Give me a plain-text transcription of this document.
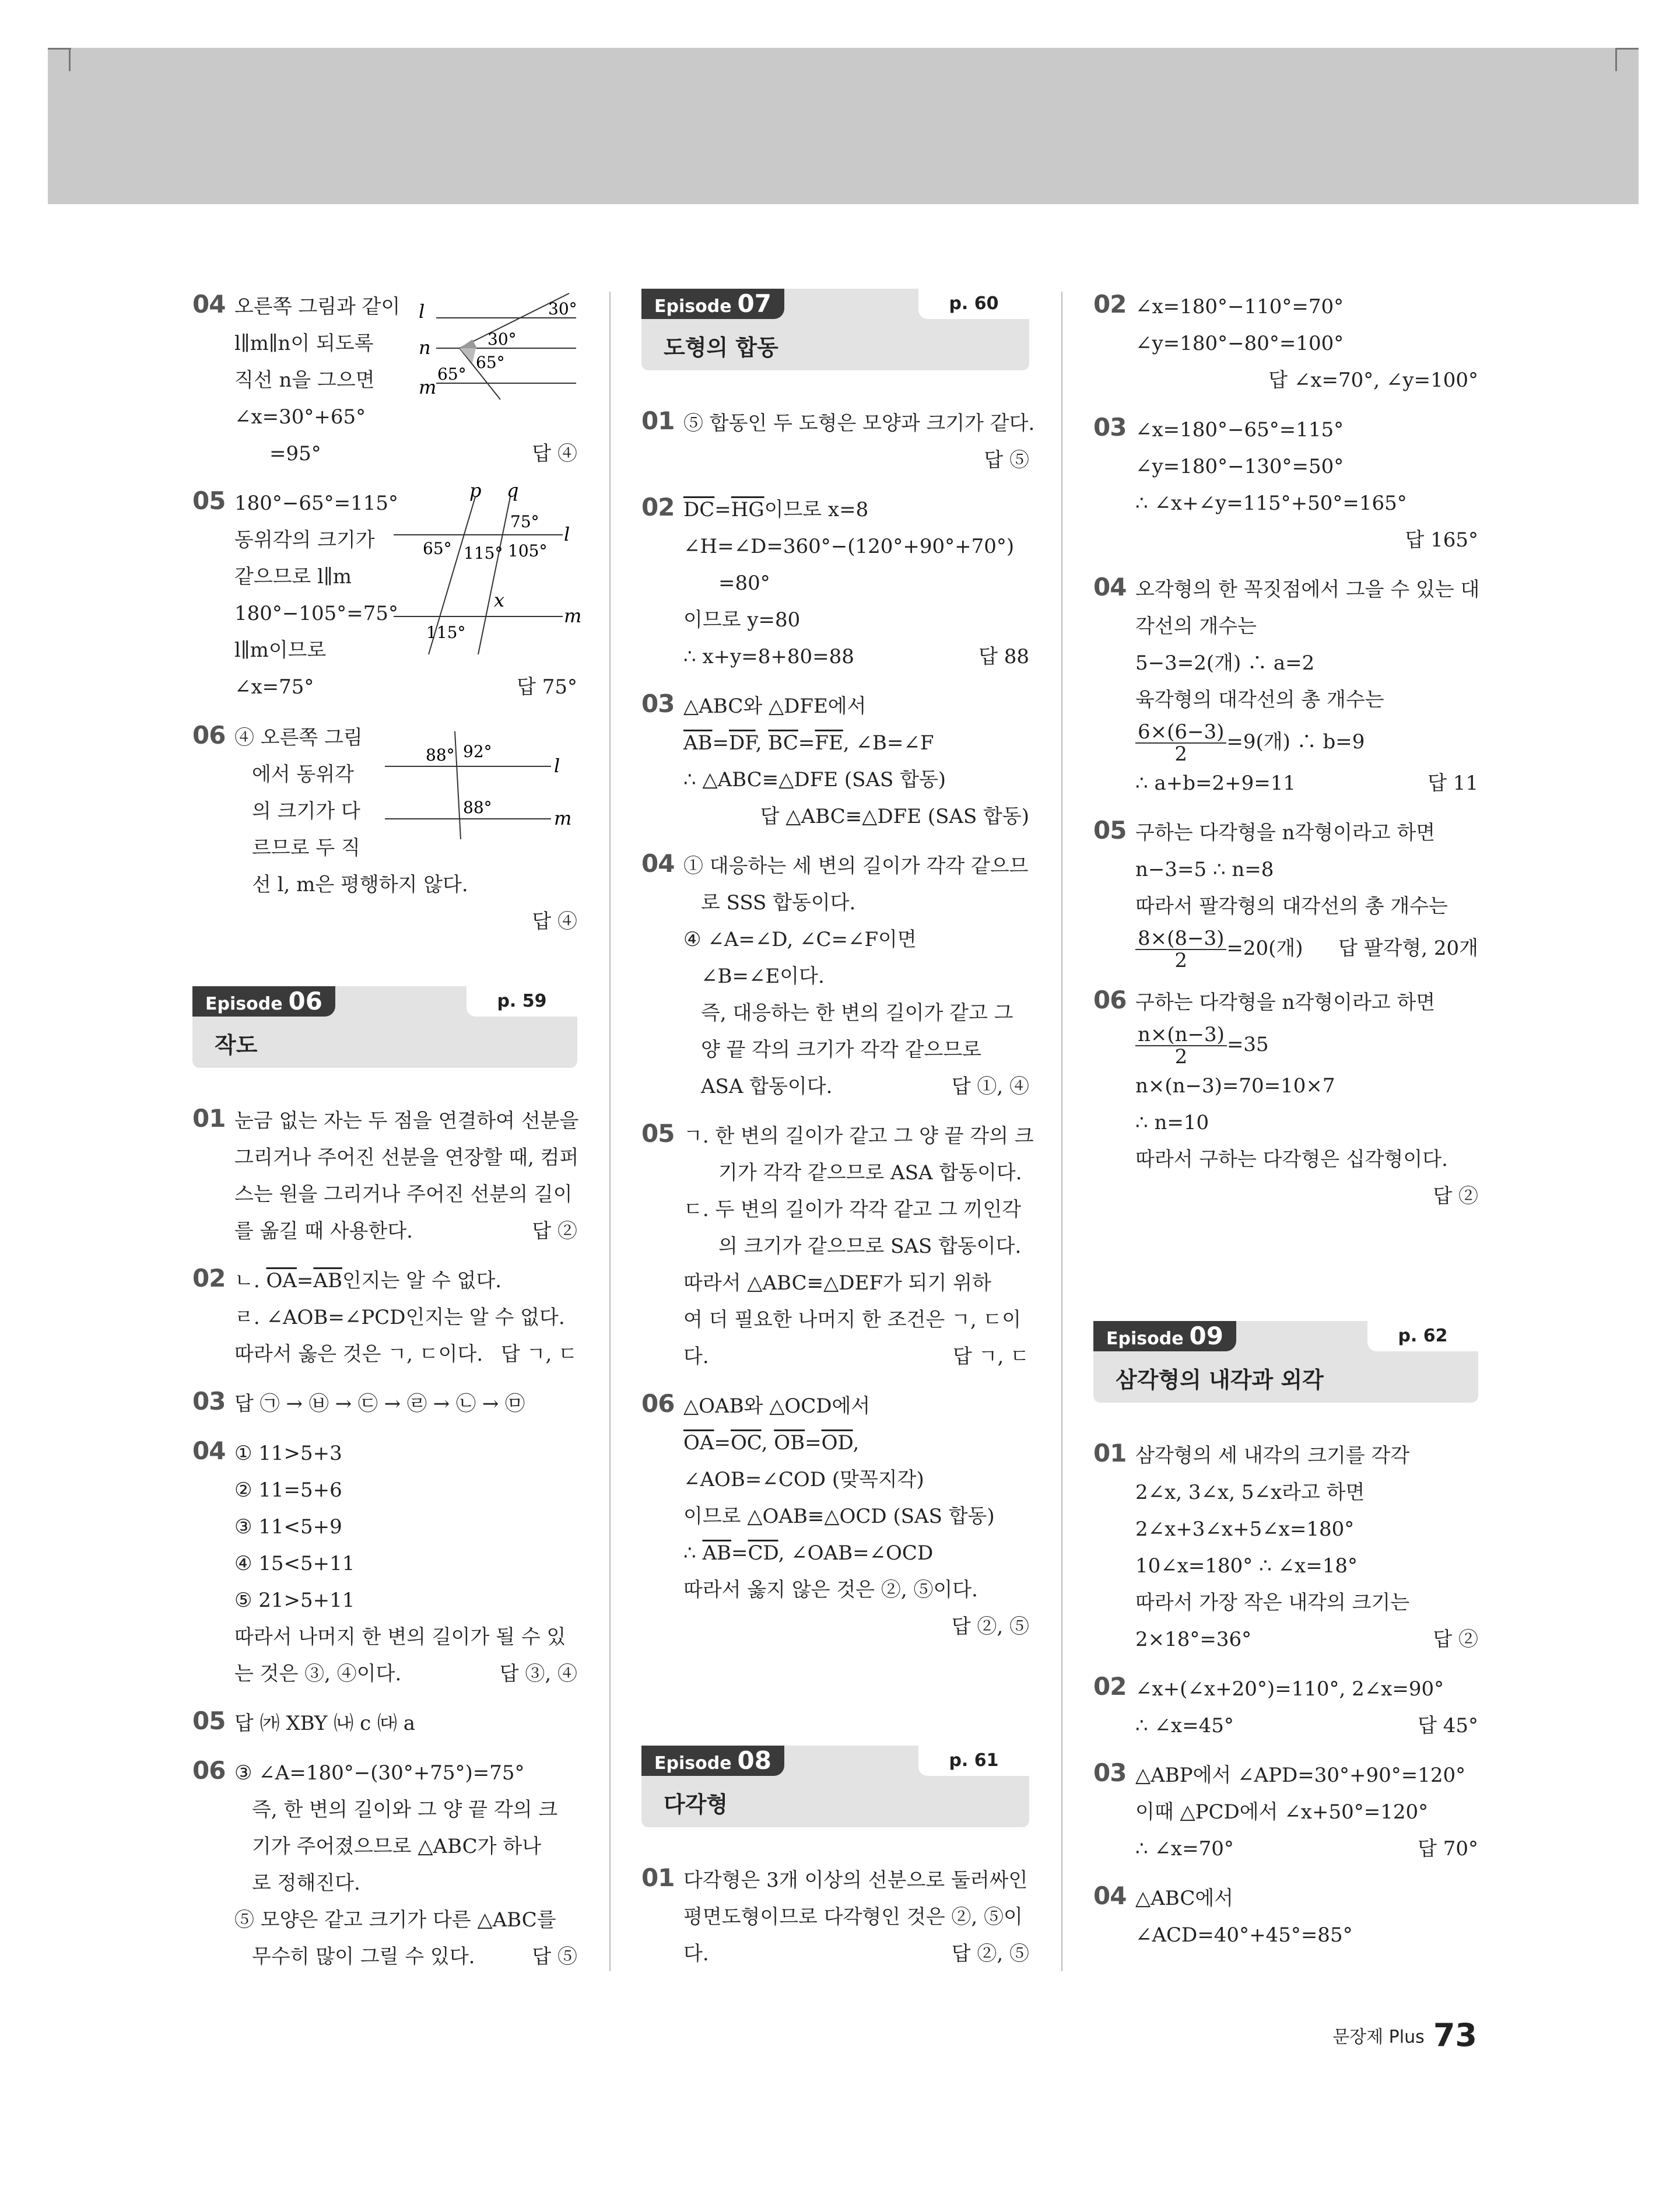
04	l
n
m
30°
30°
65°
65°
오른쪽 그림과 같이
l∥m∥n이 되도록
직선 n을 그으면
∠x=30°+65°
=95°	답 ④
05	p q
l
m
75°
65° 115° 105°
x
115°
180°−65°=115°
동위각의 크기가
같으므로 l∥m
180°−105°=75°
l∥m이므로
∠x=75°	답 75°
06
88° 92°
88°
l
m
④ 오른쪽 그림
에서 동위각
의 크기가 다
르므로 두 직
선 l, m은 평행하지 않다.
답 ④
Episode 06	p. 59
작도
01 눈금 없는 자는 두 점을 연결하여 선분을
그리거나 주어진 선분을 연장할 때, 컴퍼
스는 원을 그리거나 주어진 선분의 길이
를 옮길 때 사용한다.	답 ②
02 ㄴ. $\overline{OA}=\overline{AB}$인지는 알 수 없다.
ㄹ. ∠AOB=∠PCD인지는 알 수 없다.
따라서 옳은 것은 ㄱ, ㄷ이다. 답 ㄱ, ㄷ
03 답 ㉠ → ㉥ → ㉢ → ㉣ → ㉡ → ㉤
04 ① 11>5+3
② 11=5+6
③ 11<5+9
④ 15<5+11
⑤ 21>5+11
따라서 나머지 한 변의 길이가 될 수 있
는 것은 ③, ④이다.	답 ③, ④
05 답 ㈎ XBY ㈏ c ㈐ a
06 ③ ∠A=180°−(30°+75°)=75°
즉, 한 변의 길이와 그 양 끝 각의 크
기가 주어졌으므로 △ABC가 하나
로 정해진다.
⑤ 모양은 같고 크기가 다른 △ABC를
무수히 많이 그릴 수 있다.	답 ⑤
Episode 07	p. 60
도형의 합동
01 ⑤ 합동인 두 도형은 모양과 크기가 같다.
답 ⑤
02 $\overline{DC}=\overline{HG}$이므로 x=8
∠H=∠D=360°−(120°+90°+70°)
=80°
이므로 y=80
∴ x+y=8+80=88	답 88
03 △ABC와 △DFE에서
$\overline{AB}=\overline{DF}$, $\overline{BC}=\overline{FE}$, ∠B=∠F
∴ △ABC≡△DFE (SAS 합동)
답 △ABC≡△DFE (SAS 합동)
04 ① 대응하는 세 변의 길이가 각각 같으므
로 SSS 합동이다.
④ ∠A=∠D, ∠C=∠F이면
∠B=∠E이다.
즉, 대응하는 한 변의 길이가 같고 그
양 끝 각의 크기가 각각 같으므로
ASA 합동이다.	답 ①, ④
05 ㄱ. 한 변의 길이가 같고 그 양 끝 각의 크
기가 각각 같으므로 ASA 합동이다.
ㄷ. 두 변의 길이가 각각 같고 그 끼인각
의 크기가 같으므로 SAS 합동이다.
따라서 △ABC≡△DEF가 되기 위하
여 더 필요한 나머지 한 조건은 ㄱ, ㄷ이
다.	답 ㄱ, ㄷ
06 △OAB와 △OCD에서
$\overline{OA}=\overline{OC}$, $\overline{OB}=\overline{OD}$,
∠AOB=∠COD (맞꼭지각)
이므로 △OAB≡△OCD (SAS 합동)
∴ $\overline{AB}=\overline{CD}$, ∠OAB=∠OCD
따라서 옳지 않은 것은 ②, ⑤이다.
답 ②, ⑤
Episode 08	p. 61
다각형
01 다각형은 3개 이상의 선분으로 둘러싸인
평면도형이므로 다각형인 것은 ②, ⑤이
다.	답 ②, ⑤
02 ∠x=180°−110°=70°
∠y=180°−80°=100°
답 ∠x=70°, ∠y=100°
03 ∠x=180°−65°=115°
∠y=180°−130°=50°
∴ ∠x+∠y=115°+50°=165°
답 165°
04 오각형의 한 꼭짓점에서 그을 수 있는 대
각선의 개수는
5−3=2(개) ∴ a=2
육각형의 대각선의 총 개수는
$\frac{6\times(6-3)}{2} =9$(개) ∴ b=9
∴ a+b=2+9=11	답 11
05 구하는 다각형을 n각형이라고 하면
n−3=5 ∴ n=8
따라서 팔각형의 대각선의 총 개수는
$\frac{8\times(8-3)}{2} =20$(개) 답 팔각형, 20개
06 구하는 다각형을 n각형이라고 하면
$\frac{n\times(n-3)}{2} =35$
n×(n−3)=70=10×7
∴ n=10
따라서 구하는 다각형은 십각형이다.
답 ②
Episode 09	p. 62
삼각형의 내각과 외각
01 삼각형의 세 내각의 크기를 각각
2∠x, 3∠x, 5∠x라고 하면
2∠x+3∠x+5∠x=180°
10∠x=180° ∴ ∠x=18°
따라서 가장 작은 내각의 크기는
2×18°=36°	답 ②
02 ∠x+(∠x+20°)=110°, 2∠x=90°
∴ ∠x=45°	답 45°
03 △ABP에서 ∠APD=30°+90°=120°
이때 △PCD에서 ∠x+50°=120°
∴ ∠x=70°	답 70°
04 △ABC에서
∠ACD=40°+45°=85°
문장제 Plus 73
